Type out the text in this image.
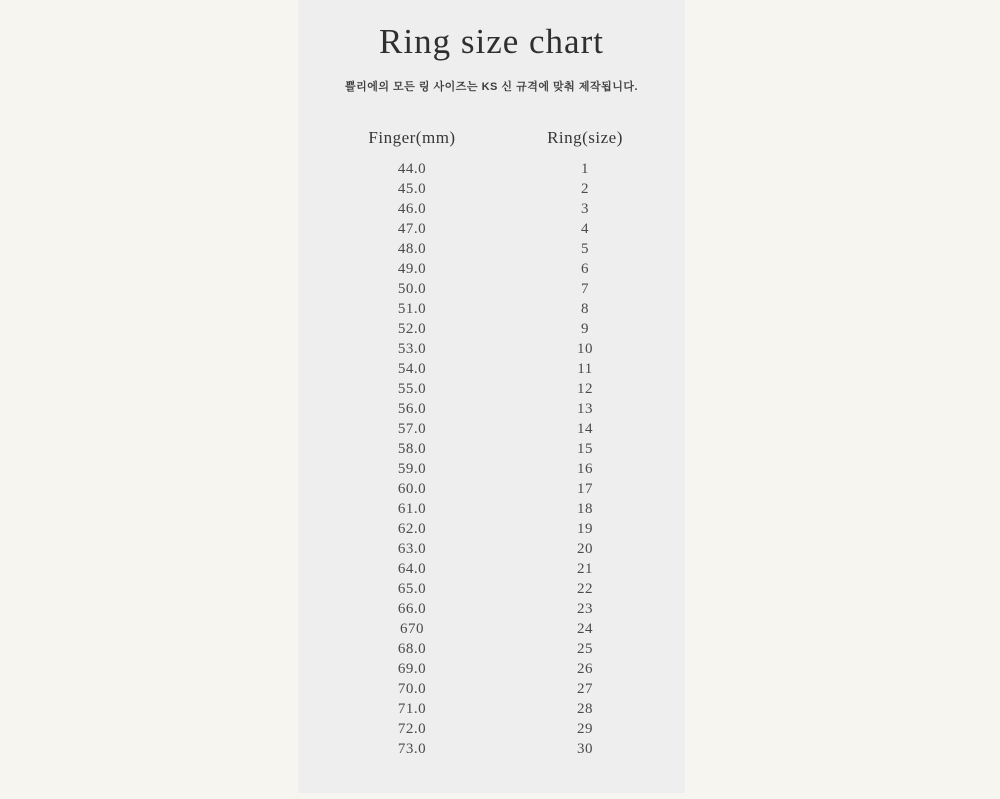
Ring size chart

쁠리에의 모든 링 사이즈는 KS 신 규격에 맞춰 제작됩니다.

Finger(mm)
44.0
45.0
46.0
47.0
48.0
49.0
50.0
51.0
52.0
53.0
54.0
55.0
56.0
57.0
58.0
59.0
60.0
61.0
62.0
63.0
64.0
65.0
66.0
670
68.0
69.0
70.0
71.0
72.0
73.0
Ring(size)
1
2
3
4
5
6
7
8
9
10
11
12
13
14
15
16
17
18
19
20
21
22
23
24
25
26
27
28
29
30
